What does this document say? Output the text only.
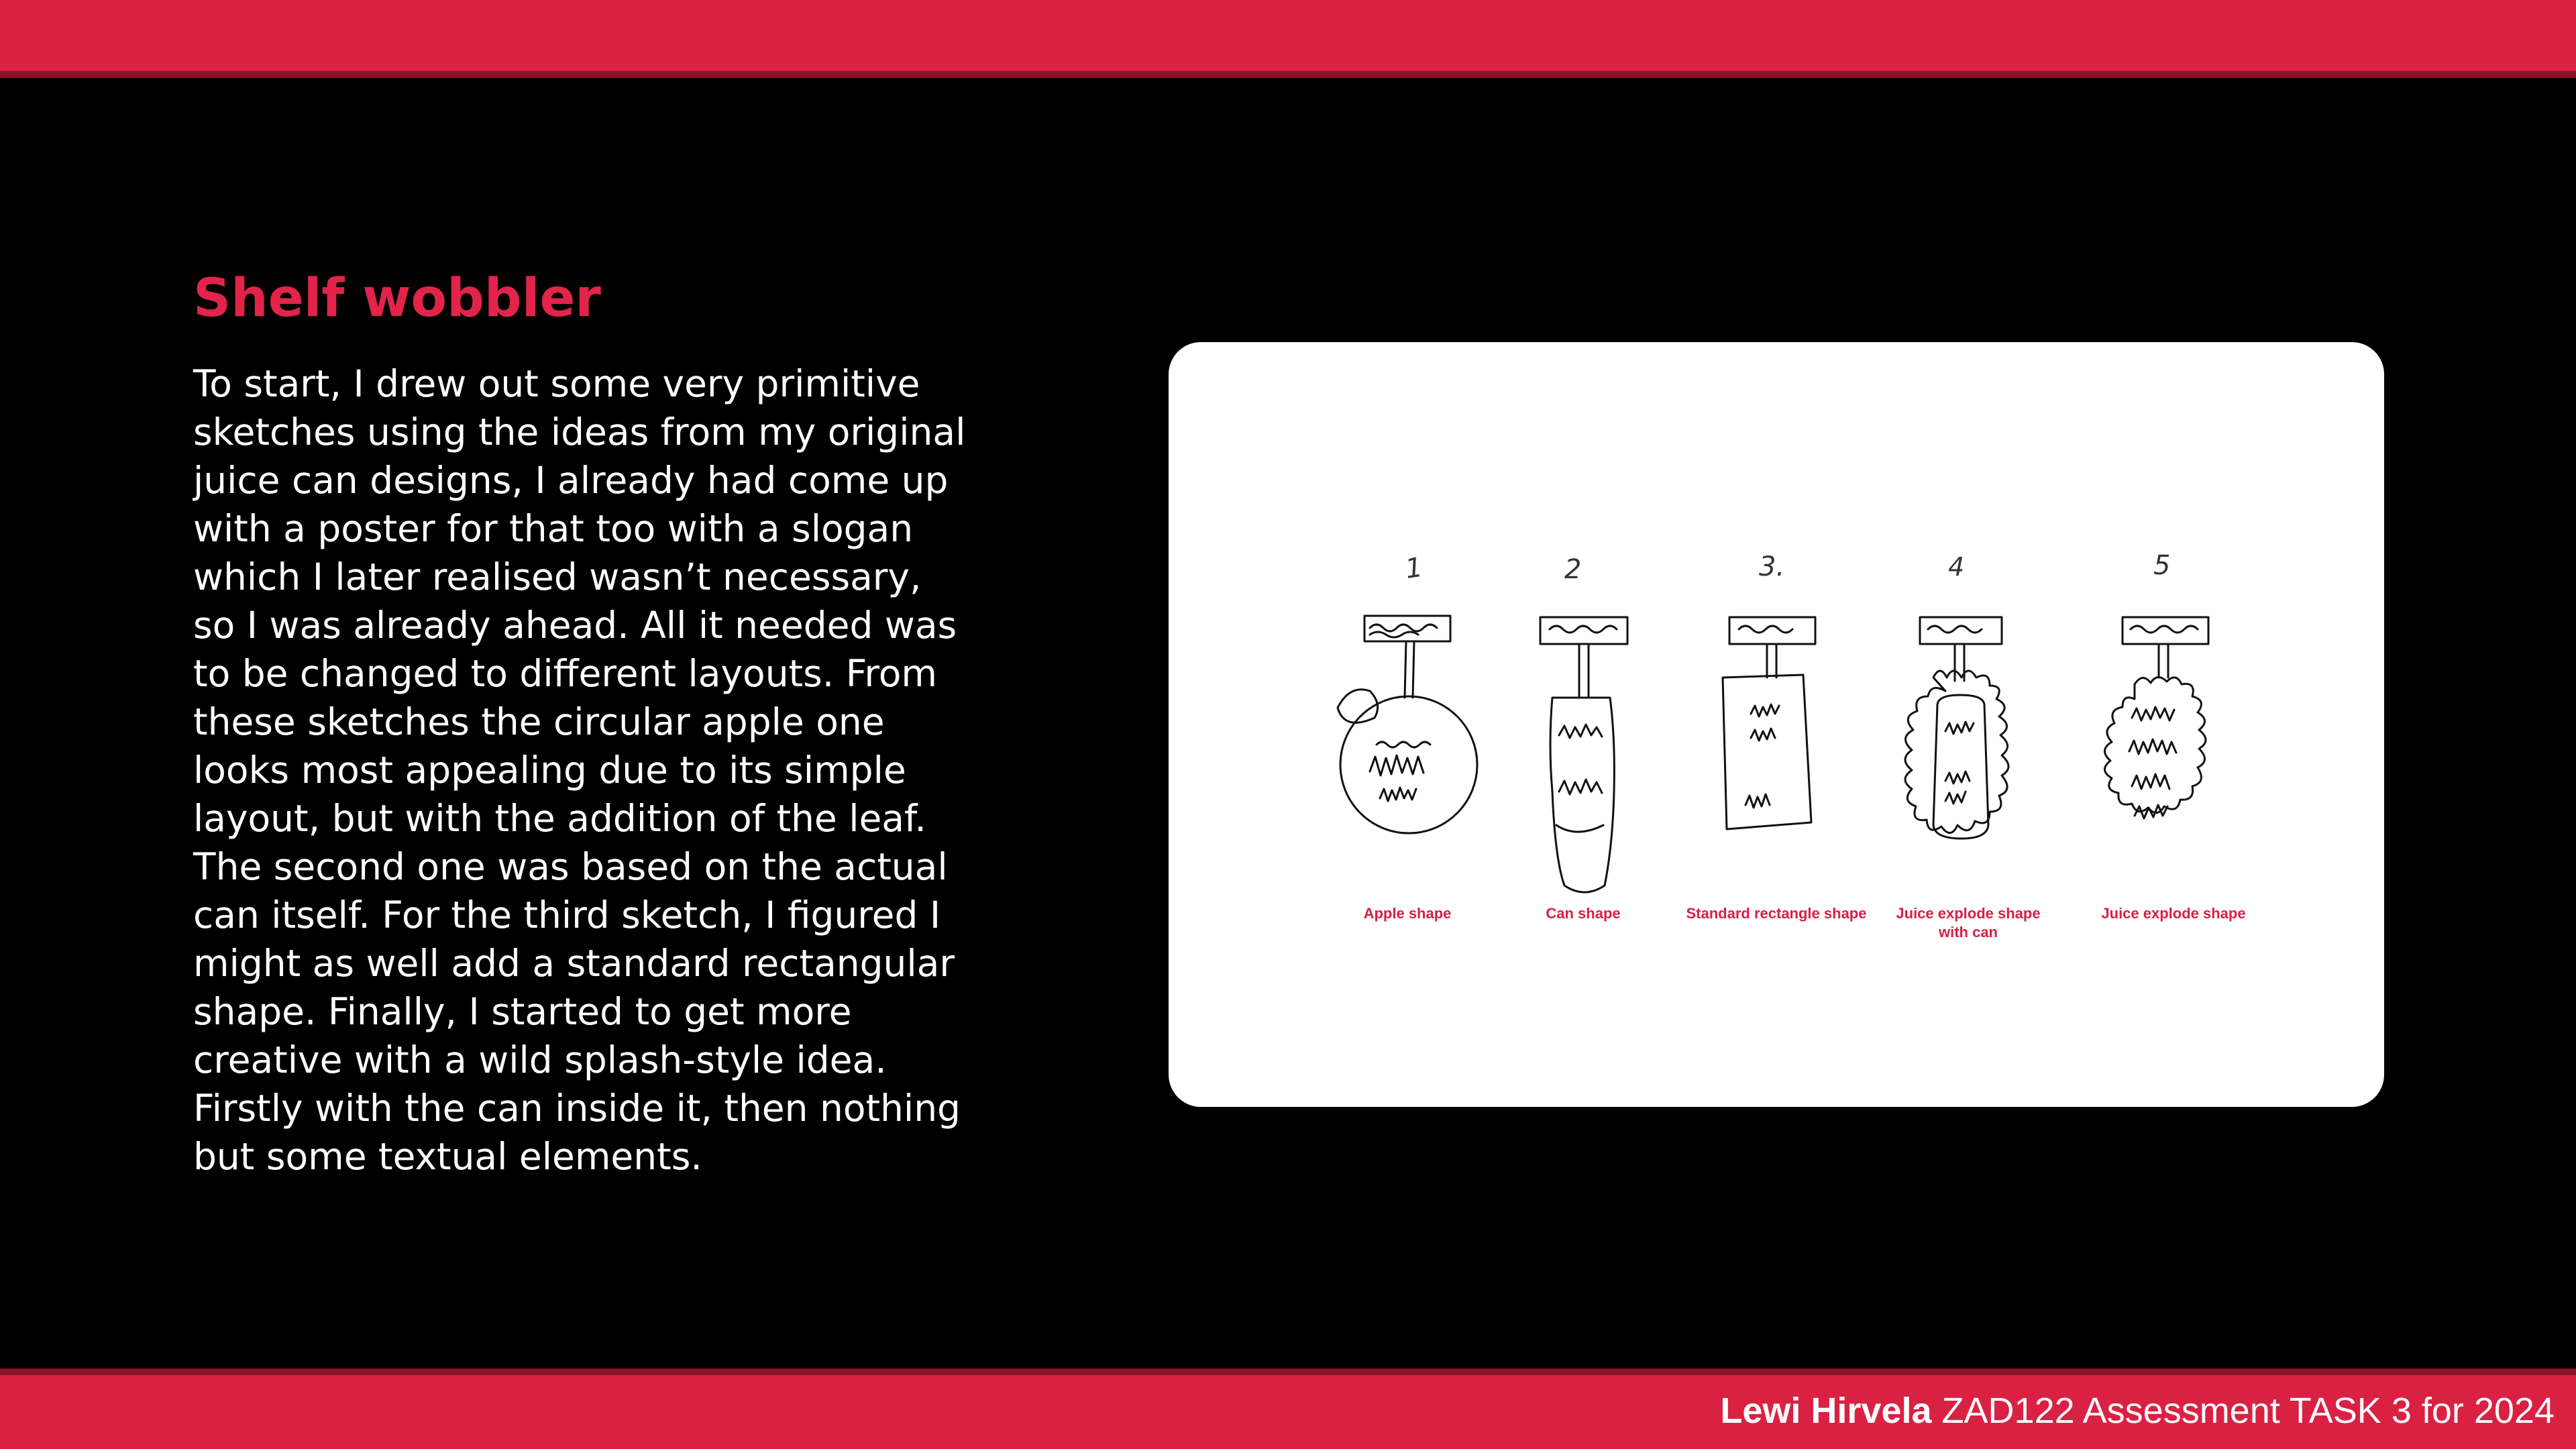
Shelf wobbler
To start, I drew out some very primitive
sketches using the ideas from my original
juice can designs, I already had come up
with a poster for that too with a slogan
which I later realised wasn’t necessary,
so I was already ahead. All it needed was
to be changed to different layouts. From
these sketches the circular apple one
looks most appealing due to its simple
layout, but with the addition of the leaf.
The second one was based on the actual
can itself. For the third sketch, I figured I
might as well add a standard rectangular
shape. Finally, I started to get more
creative with a wild splash-style idea.
Firstly with the can inside it, then nothing
but some textual elements.
1	2	3.	4	5
Apple shape	Can shape	Standard rectangle shape	Juice explode shape with can
Juice explode shape
Lewi Hirvela ZAD122 Assessment TASK 3 for 2024
